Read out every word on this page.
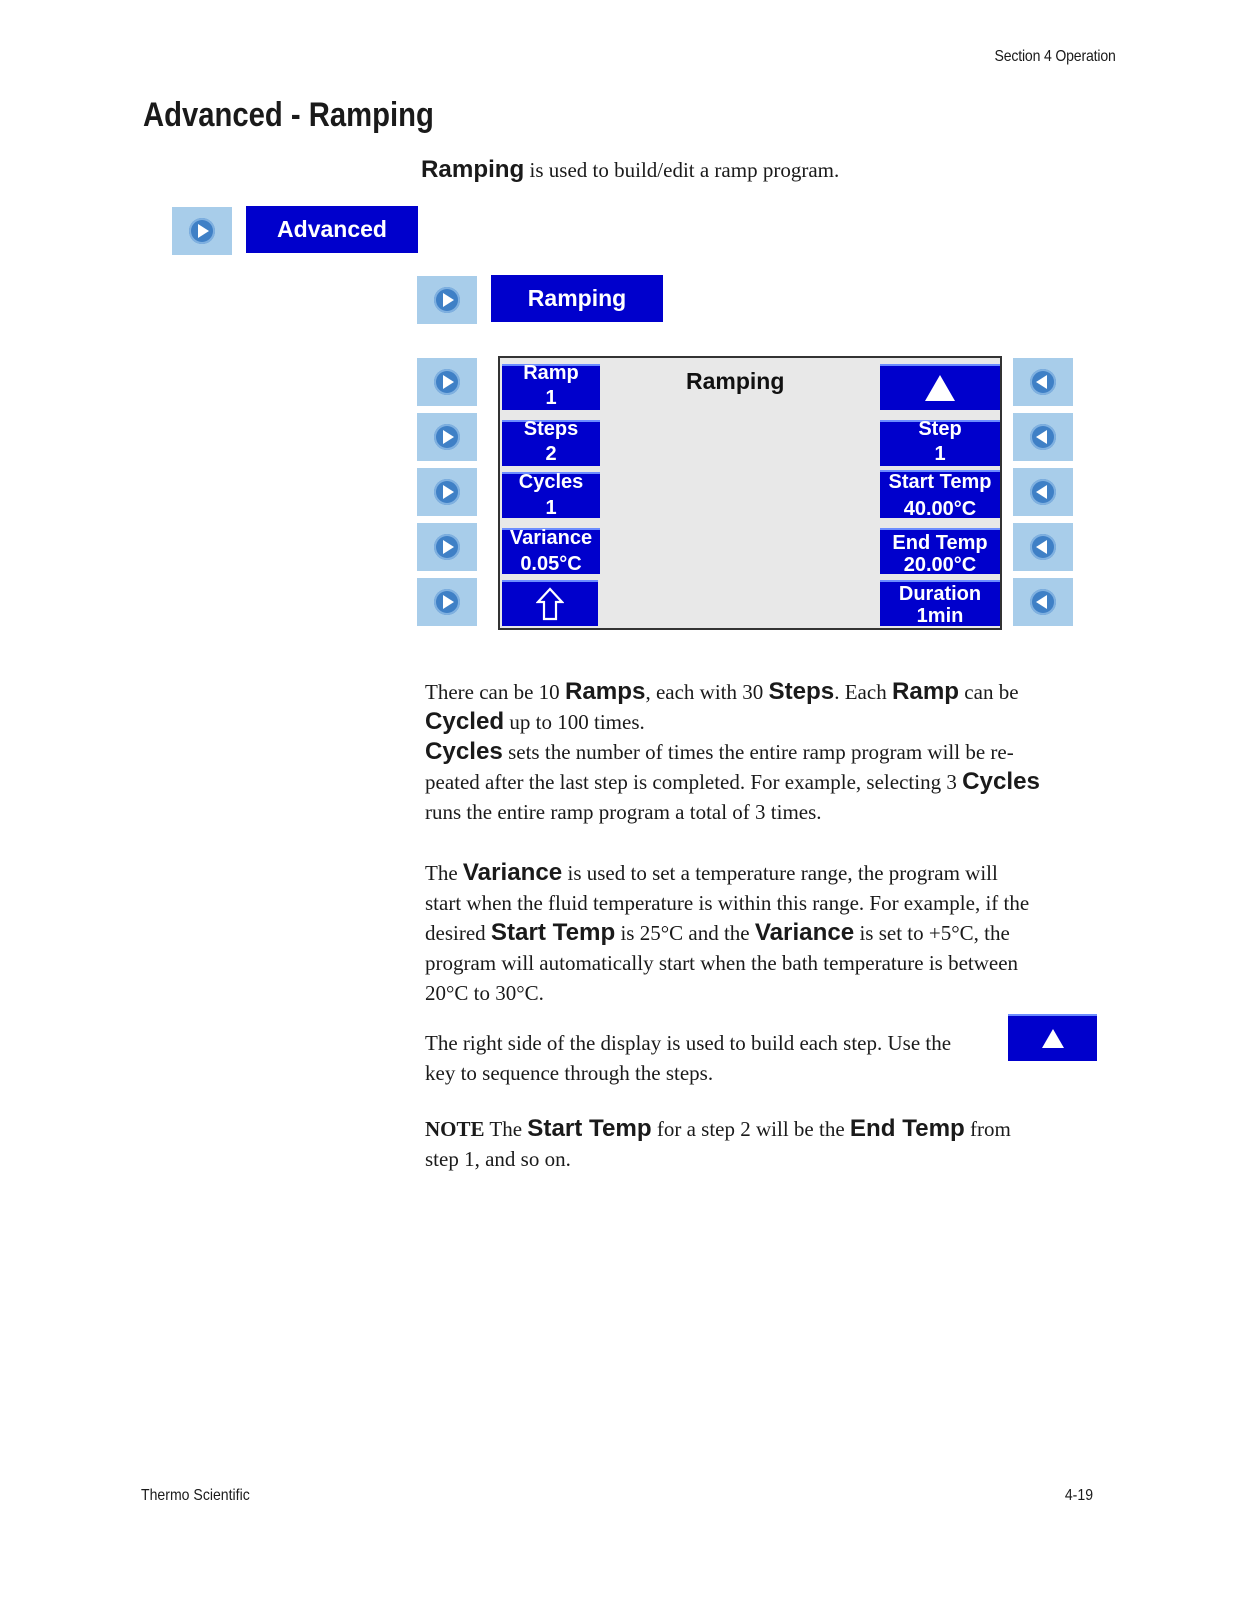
Section 4 Operation
Advanced - Ramping
Ramping is used to build/edit a ramp program.
Advanced
Ramping
Ramping
Ramp
1
Steps
2
Cycles
1
Variance
0.05°C
Step
1
Start Temp
40.00°C
End Temp
20.00°C
Duration
1min

There can be 10 Ramps, each with 30 Steps. Each Ramp can be

Cycled up to 100 times.

Cycles sets the number of times the entire ramp program will be re-

peated after the last step is completed. For example, selecting 3 Cycles

runs the entire ramp program a total of 3 times.

The Variance is used to set a temperature range, the program will

start when the fluid temperature is within this range. For example, if the

desired Start Temp is 25°C and the Variance is set to +5°C, the

program will automatically start when the bath temperature is between

20°C to 30°C.

The right side of the display is used to build each step. Use the

key to sequence through the steps.

NOTE The Start Temp for a step 2 will be the End Temp from

step 1, and so on.

Thermo Scientific	4-19
